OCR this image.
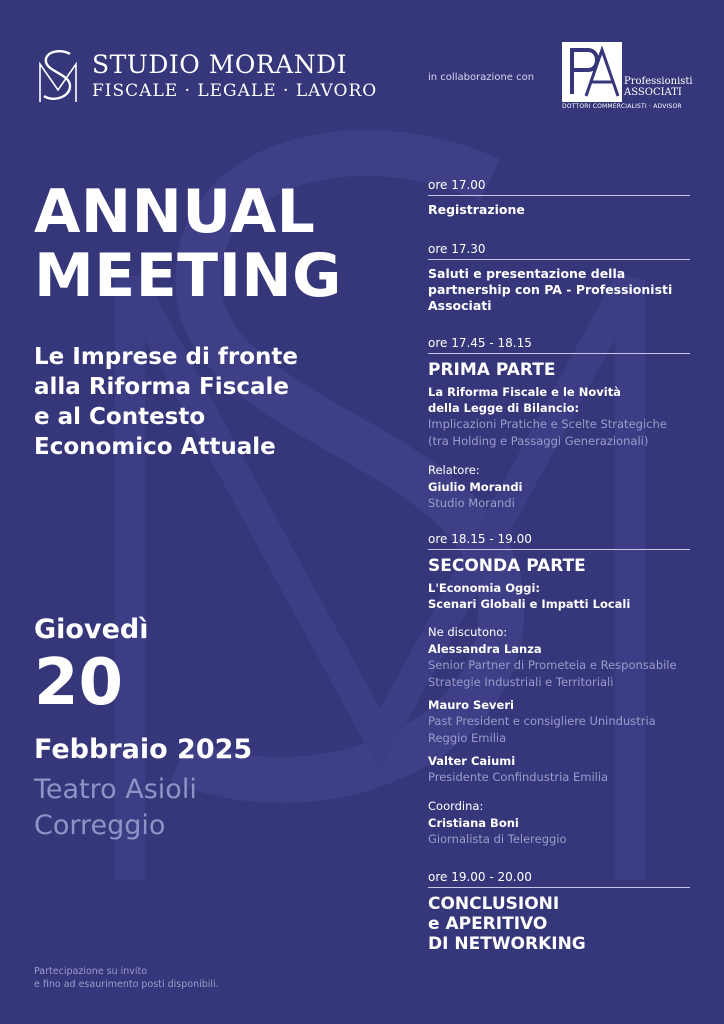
STUDIO MORANDI
FISCALE · LEGALE · LAVORO
in collaborazione con	Professionisti
ASSOCIATI
DOTTORI COMMERCIALISTI · ADVISOR
ANNUAL
MEETING
Le Imprese di fronte
alla Riforma Fiscale
e al Contesto
Economico Attuale
Giovedì
20
Febbraio 2025
Teatro Asioli
Correggio
Partecipazione su invito
e fino ad esaurimento posti disponibili.
ore 17.00
Registrazione
ore 17.30
Saluti e presentazione della
partnership con PA - Professionisti
Associati
ore 17.45 - 18.15
PRIMA PARTE
La Riforma Fiscale e le Novità
della Legge di Bilancio:
Implicazioni Pratiche e Scelte Strategiche
(tra Holding e Passaggi Generazionali)
Relatore:
Giulio Morandi
Studio Morandi
ore 18.15 - 19.00
SECONDA PARTE
L'Economia Oggi:
Scenari Globali e Impatti Locali
Ne discutono:
Alessandra Lanza
Senior Partner di Prometeia e Responsabile
Strategie Industriali e Territoriali
Mauro Severi
Past President e consigliere Unindustria
Reggio Emilia
Valter Caiumi
Presidente Confindustria Emilia
Coordina:
Cristiana Boni
Giornalista di Telereggio
ore 19.00 - 20.00
CONCLUSIONI
e APERITIVO
DI NETWORKING
